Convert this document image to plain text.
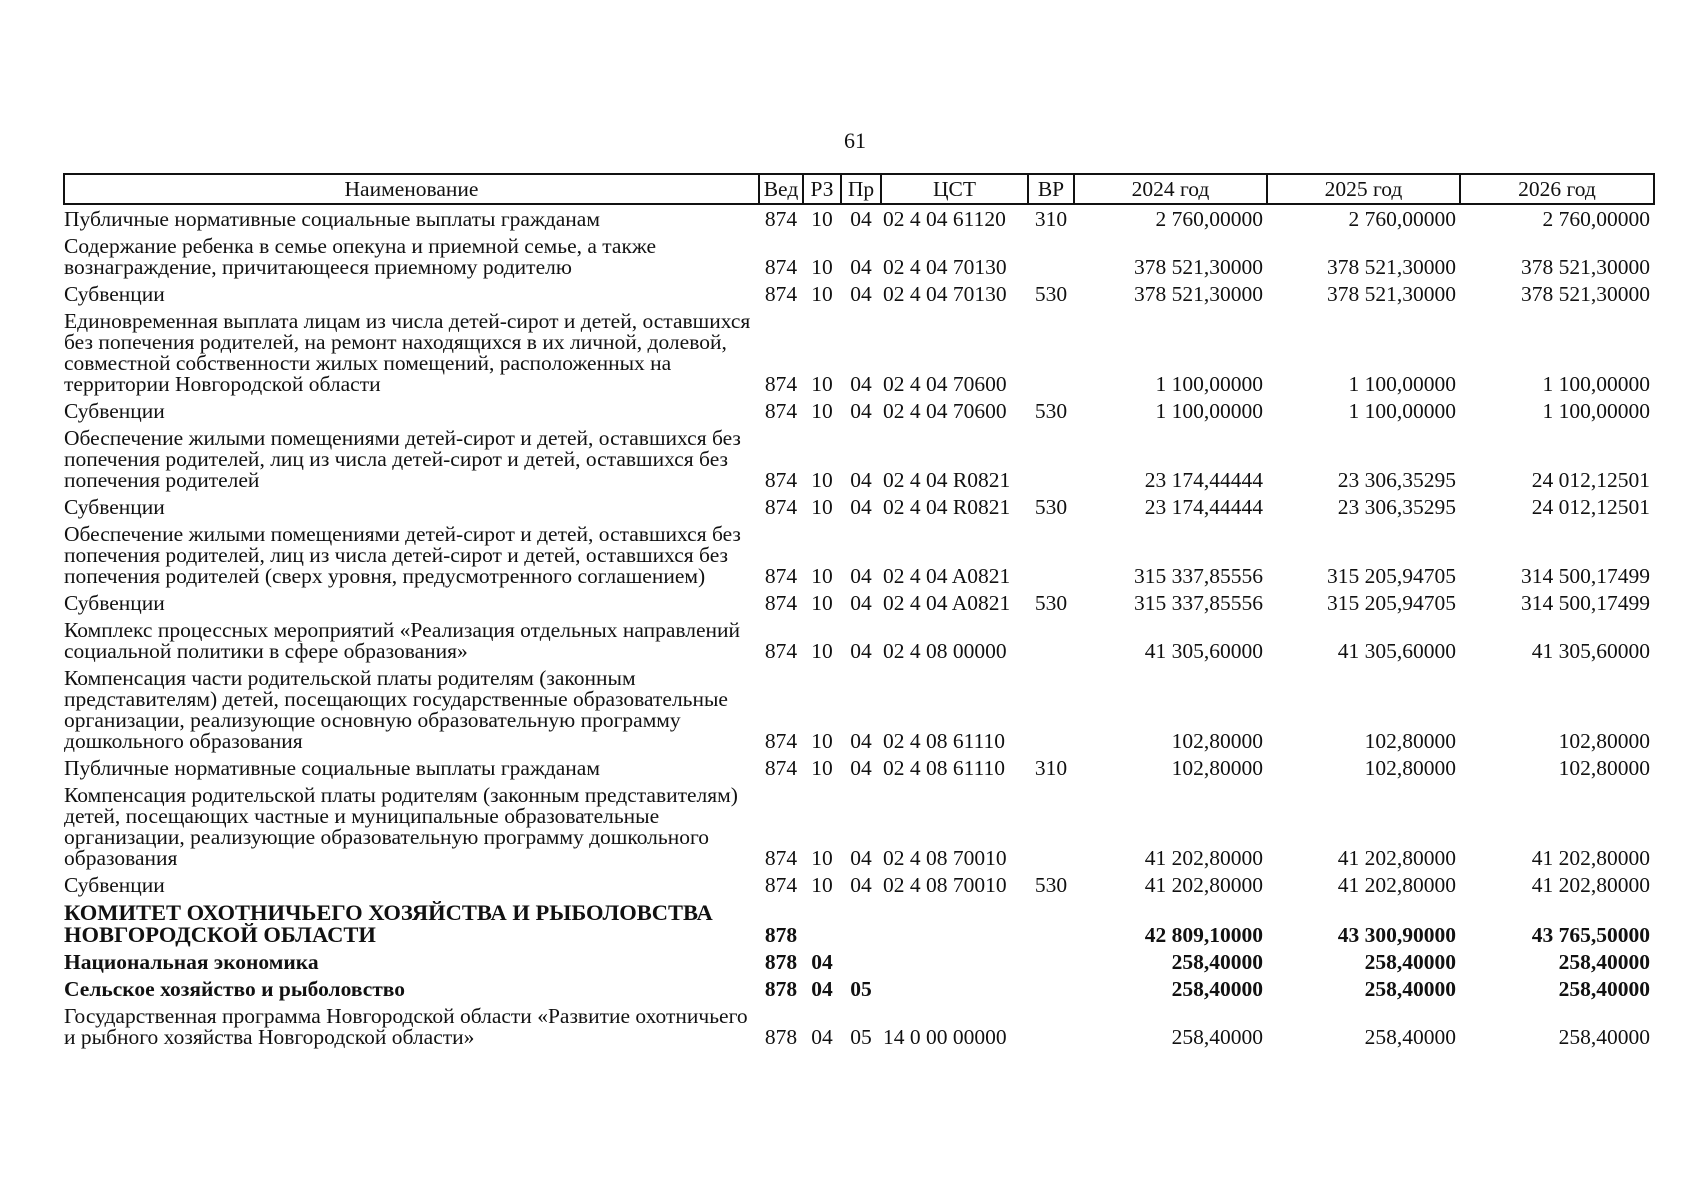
61
Наименование	Вед	РЗ	Пр	ЦСТ	ВР	2024 год	2025 год	2026 год
Публичные нормативные социальные выплаты гражданам	874	10	04	02 4 04 61120	310	2 760,00000	2 760,00000	2 760,00000
Содержание ребенка в семье опекуна и приемной семье, а также вознаграждение, причитающееся приемному родителю	874	10	04	02 4 04 70130		378 521,30000	378 521,30000	378 521,30000
Субвенции	874	10	04	02 4 04 70130	530	378 521,30000	378 521,30000	378 521,30000
Единовременная выплата лицам из числа детей-сирот и детей, оставшихся без попечения родителей, на ремонт находящихся в их личной, долевой, совместной собственности жилых помещений, расположенных на территории Новгородской области	874	10	04	02 4 04 70600		1 100,00000	1 100,00000	1 100,00000
Субвенции	874	10	04	02 4 04 70600	530	1 100,00000	1 100,00000	1 100,00000
Обеспечение жилыми помещениями детей-сирот и детей, оставшихся без попечения родителей, лиц из числа детей-сирот и детей, оставшихся без попечения родителей	874	10	04	02 4 04 R0821		23 174,44444	23 306,35295	24 012,12501
Субвенции	874	10	04	02 4 04 R0821	530	23 174,44444	23 306,35295	24 012,12501
Обеспечение жилыми помещениями детей-сирот и детей, оставшихся без попечения родителей, лиц из числа детей-сирот и детей, оставшихся без попечения родителей (сверх уровня, предусмотренного соглашением)	874	10	04	02 4 04 A0821		315 337,85556	315 205,94705	314 500,17499
Субвенции	874	10	04	02 4 04 A0821	530	315 337,85556	315 205,94705	314 500,17499
Комплекс процессных мероприятий «Реализация отдельных направлений социальной политики в сфере образования»	874	10	04	02 4 08 00000		41 305,60000	41 305,60000	41 305,60000
Компенсация части родительской платы родителям (законным представителям) детей, посещающих государственные образовательные организации, реализующие основную образовательную программу дошкольного образования	874	10	04	02 4 08 61110		102,80000	102,80000	102,80000
Публичные нормативные социальные выплаты гражданам	874	10	04	02 4 08 61110	310	102,80000	102,80000	102,80000
Компенсация родительской платы родителям (законным представителям) детей, посещающих частные и муниципальные образовательные организации, реализующие образовательную программу дошкольного образования	874	10	04	02 4 08 70010		41 202,80000	41 202,80000	41 202,80000
Субвенции	874	10	04	02 4 08 70010	530	41 202,80000	41 202,80000	41 202,80000
КОМИТЕТ ОХОТНИЧЬЕГО ХОЗЯЙСТВА И РЫБОЛОВСТВА НОВГОРОДСКОЙ ОБЛАСТИ	878					42 809,10000	43 300,90000	43 765,50000
Национальная экономика	878	04				258,40000	258,40000	258,40000
Сельское хозяйство и рыболовство	878	04	05			258,40000	258,40000	258,40000
Государственная программа Новгородской области «Развитие охотничьего и рыбного хозяйства Новгородской области»	878	04	05	14 0 00 00000		258,40000	258,40000	258,40000
